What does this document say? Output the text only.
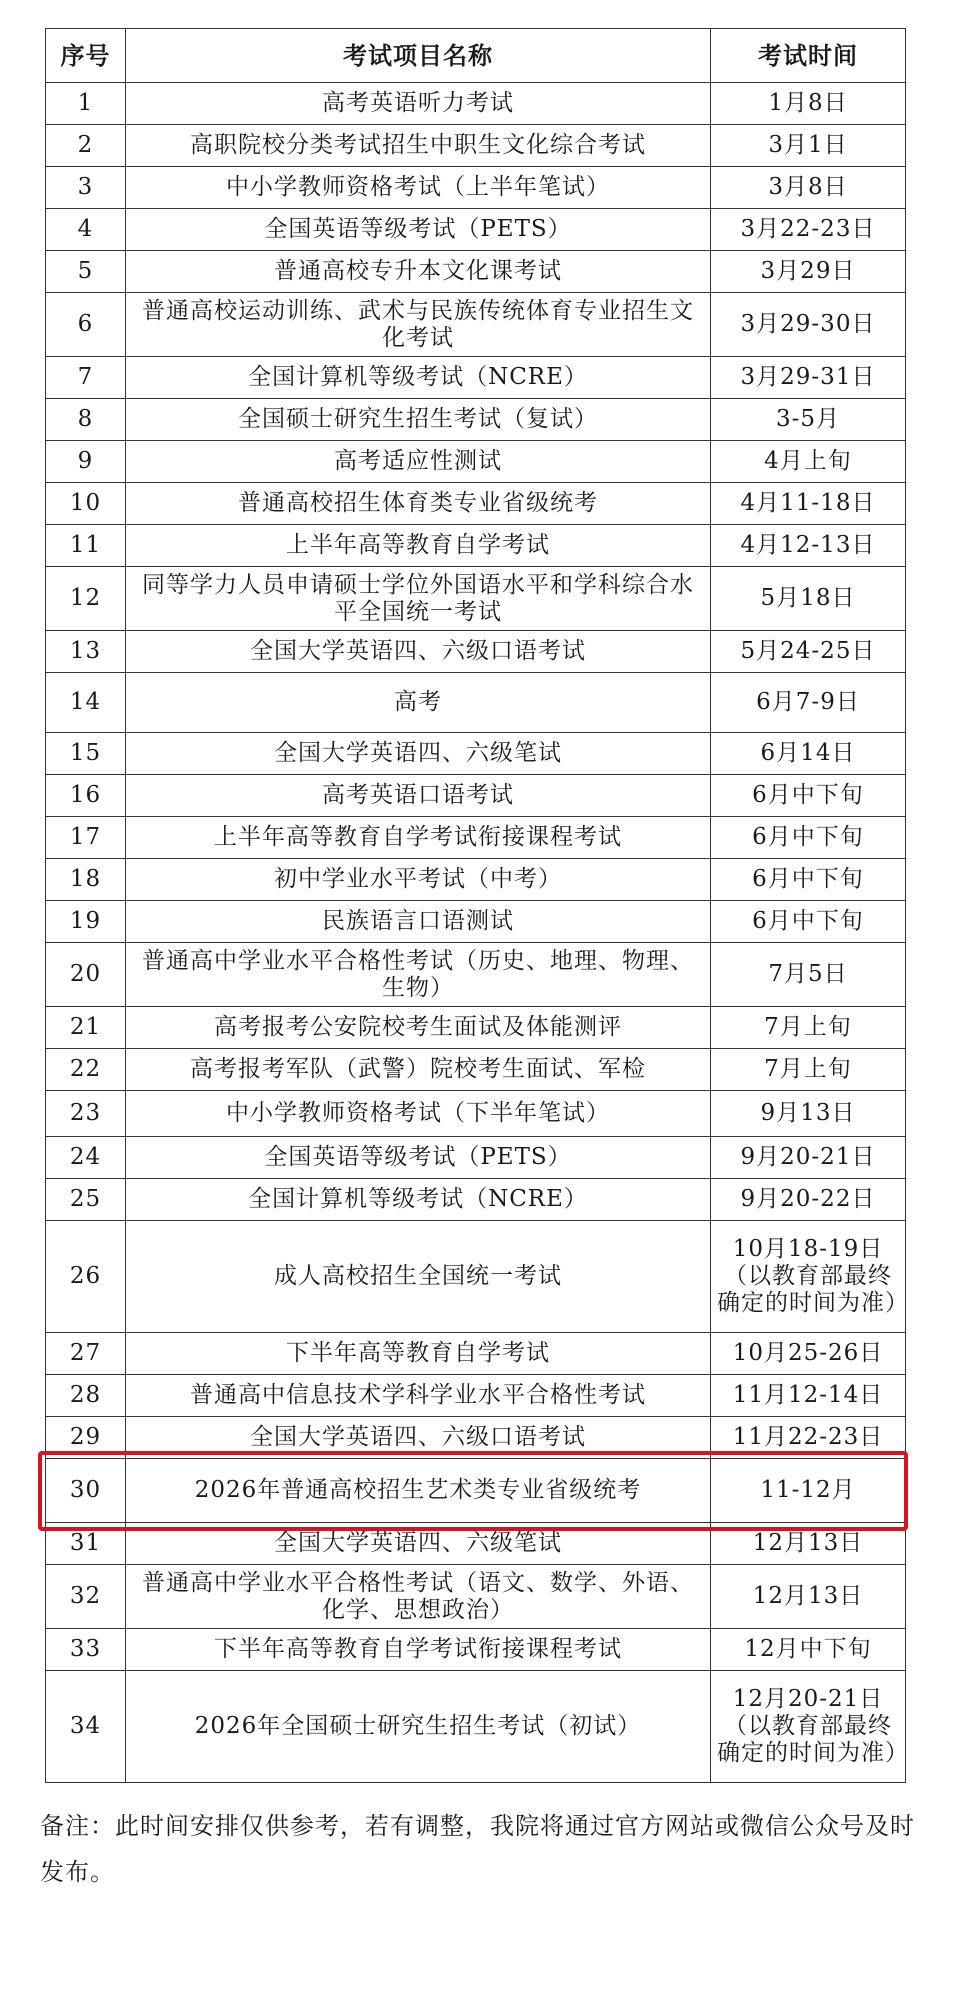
序号	考试项目名称	考试时间
1	高考英语听力考试	1月8日
2	高职院校分类考试招生中职生文化综合考试	3月1日
3	中小学教师资格考试（上半年笔试）	3月8日
4	全国英语等级考试（PETS）	3月22-23日
5	普通高校专升本文化课考试	3月29日
6	普通高校运动训练、武术与民族传统体育专业招生文化考试	3月29-30日
7	全国计算机等级考试（NCRE）	3月29-31日
8	全国硕士研究生招生考试（复试）	3-5月
9	高考适应性测试	4月上旬
10	普通高校招生体育类专业省级统考	4月11-18日
11	上半年高等教育自学考试	4月12-13日
12	同等学力人员申请硕士学位外国语水平和学科综合水平全国统一考试	5月18日
13	全国大学英语四、六级口语考试	5月24-25日
14	高考	6月7-9日
15	全国大学英语四、六级笔试	6月14日
16	高考英语口语考试	6月中下旬
17	上半年高等教育自学考试衔接课程考试	6月中下旬
18	初中学业水平考试（中考）	6月中下旬
19	民族语言口语测试	6月中下旬
20	普通高中学业水平合格性考试（历史、地理、物理、生物）	7月5日
21	高考报考公安院校考生面试及体能测评	7月上旬
22	高考报考军队（武警）院校考生面试、军检	7月上旬
23	中小学教师资格考试（下半年笔试）	9月13日
24	全国英语等级考试（PETS）	9月20-21日
25	全国计算机等级考试（NCRE）	9月20-22日
26	成人高校招生全国统一考试	10月18-19日（以教育部最终确定的时间为准）
27	下半年高等教育自学考试	10月25-26日
28	普通高中信息技术学科学业水平合格性考试	11月12-14日
29	全国大学英语四、六级口语考试	11月22-23日
30	2026年普通高校招生艺术类专业省级统考	11-12月
31	全国大学英语四、六级笔试	12月13日
32	普通高中学业水平合格性考试（语文、数学、外语、化学、思想政治）	12月13日
33	下半年高等教育自学考试衔接课程考试	12月中下旬
34	2026年全国硕士研究生招生考试（初试）	12月20-21日（以教育部最终确定的时间为准）
备注：此时间安排仅供参考，若有调整，我院将通过官方网站或微信公众号及时发布。
